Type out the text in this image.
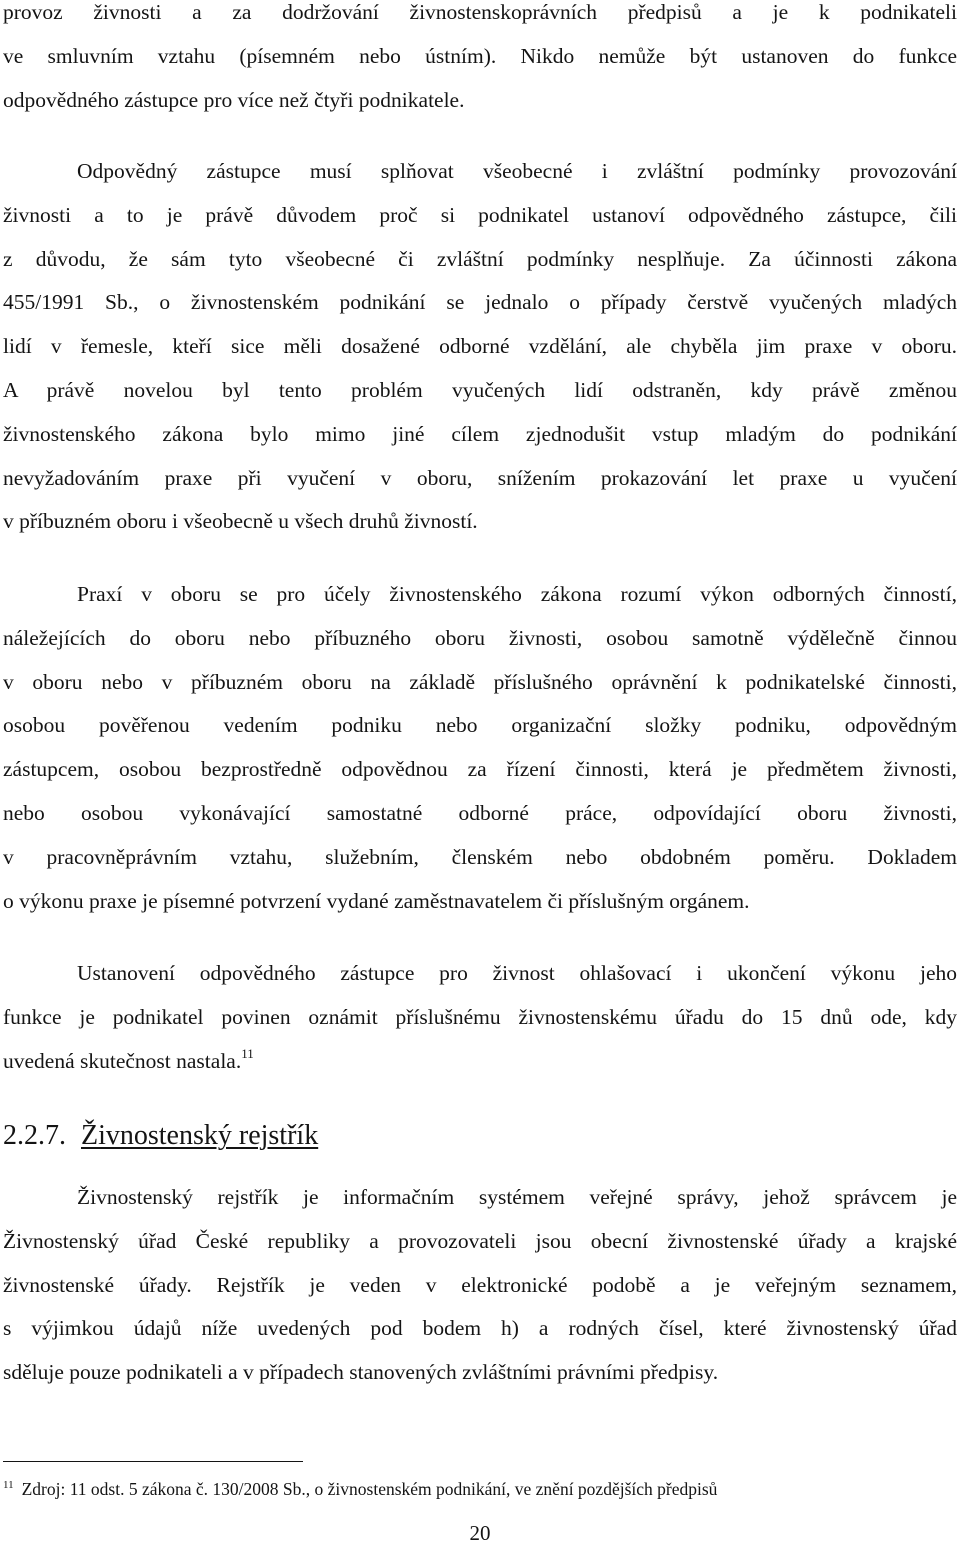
provoz živnosti a za dodržování živnostenskoprávních předpisů a je k podnikateli
ve smluvním vztahu (písemném nebo ústním). Nikdo nemůže být ustanoven do funkce
odpovědného zástupce pro více než čtyři podnikatele.
Odpovědný zástupce musí splňovat všeobecné i zvláštní podmínky provozování
živnosti a to je právě důvodem proč si podnikatel ustanoví odpovědného zástupce, čili
z důvodu, že sám tyto všeobecné či zvláštní podmínky nesplňuje. Za účinnosti zákona
455/1991 Sb., o živnostenském podnikání se jednalo o případy čerstvě vyučených mladých
lidí v řemesle, kteří sice měli dosažené odborné vzdělání, ale chyběla jim praxe v oboru.
A právě novelou byl tento problém vyučených lidí odstraněn, kdy právě změnou
živnostenského zákona bylo mimo jiné cílem zjednodušit vstup mladým do podnikání
nevyžadováním praxe při vyučení v oboru, snížením prokazování let praxe u vyučení
v příbuzném oboru i všeobecně u všech druhů živností.
Praxí v oboru se pro účely živnostenského zákona rozumí výkon odborných činností,
náležejících do oboru nebo příbuzného oboru živnosti, osobou samotně výdělečně činnou
v oboru nebo v příbuzném oboru na základě příslušného oprávnění k podnikatelské činnosti,
osobou pověřenou vedením podniku nebo organizační složky podniku, odpovědným
zástupcem, osobou bezprostředně odpovědnou za řízení činnosti, která je předmětem živnosti,
nebo osobou vykonávající samostatné odborné práce, odpovídající oboru živnosti,
v pracovněprávním vztahu, služebním, členském nebo obdobném poměru. Dokladem
o výkonu praxe je písemné potvrzení vydané zaměstnavatelem či příslušným orgánem.
Ustanovení odpovědného zástupce pro živnost ohlašovací i ukončení výkonu jeho
funkce je podnikatel povinen oznámit příslušnému živnostenskému úřadu do 15 dnů ode, kdy
uvedená skutečnost nastala.$^{11}$
2.2.7. Živnostenský rejstřík
Živnostenský rejstřík je informačním systémem veřejné správy, jehož správcem je
Živnostenský úřad České republiky a provozovateli jsou obecní živnostenské úřady a krajské
živnostenské úřady. Rejstřík je veden v elektronické podobě a je veřejným seznamem,
s výjimkou údajů níže uvedených pod bodem h) a rodných čísel, které živnostenský úřad
sděluje pouze podnikateli a v případech stanovených zvláštními právními předpisy.

$^{11}$ Zdroj: 11 odst. 5 zákona č. 130/2008 Sb., o živnostenském podnikání, ve znění pozdějších předpisů

20
